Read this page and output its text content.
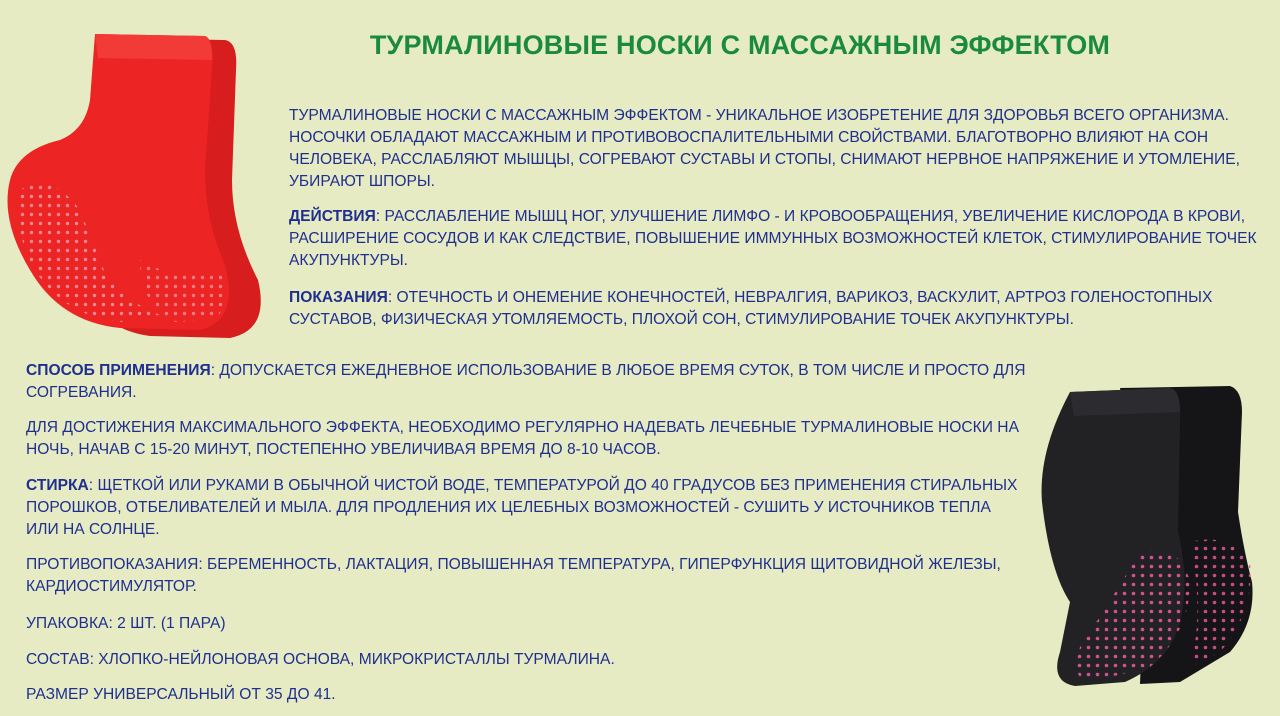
ТУРМАЛИНОВЫЕ НОСКИ С МАССАЖНЫМ ЭФФЕКТОМ

ТУРМАЛИНОВЫЕ НОСКИ С МАССАЖНЫМ ЭФФЕКТОМ - УНИКАЛЬНОЕ ИЗОБРЕТЕНИЕ ДЛЯ ЗДОРОВЬЯ ВСЕГО ОРГАНИЗМА. НОСОЧКИ ОБЛАДАЮТ МАССАЖНЫМ И ПРОТИВОВОСПАЛИТЕЛЬНЫМИ СВОЙСТВАМИ. БЛАГОТВОРНО ВЛИЯЮТ НА СОН ЧЕЛОВЕКА, РАССЛАБЛЯЮТ МЫШЦЫ, СОГРЕВАЮТ СУСТАВЫ И СТОПЫ, СНИМАЮТ НЕРВНОЕ НАПРЯЖЕНИЕ И УТОМЛЕНИЕ, УБИРАЮТ ШПОРЫ.

ДЕЙСТВИЯ: РАССЛАБЛЕНИЕ МЫШЦ НОГ, УЛУЧШЕНИЕ ЛИМФО - И КРОВООБРАЩЕНИЯ, УВЕЛИЧЕНИЕ КИСЛОРОДА В КРОВИ, РАСШИРЕНИЕ СОСУДОВ И КАК СЛЕДСТВИЕ, ПОВЫШЕНИЕ ИММУННЫХ ВОЗМОЖНОСТЕЙ КЛЕТОК, СТИМУЛИРОВАНИЕ ТОЧЕК АКУПУНКТУРЫ.

ПОКАЗАНИЯ: ОТЕЧНОСТЬ И ОНЕМЕНИЕ КОНЕЧНОСТЕЙ, НЕВРАЛГИЯ, ВАРИКОЗ, ВАСКУЛИТ, АРТРОЗ ГОЛЕНОСТОПНЫХ СУСТАВОВ, ФИЗИЧЕСКАЯ УТОМЛЯЕМОСТЬ, ПЛОХОЙ СОН, СТИМУЛИРОВАНИЕ ТОЧЕК АКУПУНКТУРЫ.

СПОСОБ ПРИМЕНЕНИЯ: ДОПУСКАЕТСЯ ЕЖЕДНЕВНОЕ ИСПОЛЬЗОВАНИЕ В ЛЮБОЕ ВРЕМЯ СУТОК, В ТОМ ЧИСЛЕ И ПРОСТО ДЛЯ СОГРЕВАНИЯ.

ДЛЯ ДОСТИЖЕНИЯ МАКСИМАЛЬНОГО ЭФФЕКТА, НЕОБХОДИМО РЕГУЛЯРНО НАДЕВАТЬ ЛЕЧЕБНЫЕ ТУРМАЛИНОВЫЕ НОСКИ НА НОЧЬ, НАЧАВ С 15-20 МИНУТ, ПОСТЕПЕННО УВЕЛИЧИВАЯ ВРЕМЯ ДО 8-10 ЧАСОВ.

СТИРКА: ЩЕТКОЙ ИЛИ РУКАМИ В ОБЫЧНОЙ ЧИСТОЙ ВОДЕ, ТЕМПЕРАТУРОЙ ДО 40 ГРАДУСОВ БЕЗ ПРИМЕНЕНИЯ СТИРАЛЬНЫХ ПОРОШКОВ, ОТБЕЛИВАТЕЛЕЙ И МЫЛА. ДЛЯ ПРОДЛЕНИЯ ИХ ЦЕЛЕБНЫХ ВОЗМОЖНОСТЕЙ - СУШИТЬ У ИСТОЧНИКОВ ТЕПЛА ИЛИ НА СОЛНЦЕ.

ПРОТИВОПОКАЗАНИЯ: БЕРЕМЕННОСТЬ, ЛАКТАЦИЯ, ПОВЫШЕННАЯ ТЕМПЕРАТУРА, ГИПЕРФУНКЦИЯ ЩИТОВИДНОЙ ЖЕЛЕЗЫ, КАРДИОСТИМУЛЯТОР.

УПАКОВКА: 2 ШТ. (1 ПАРА)

СОСТАВ: ХЛОПКО-НЕЙЛОНОВАЯ ОСНОВА, МИКРОКРИСТАЛЛЫ ТУРМАЛИНА.

РАЗМЕР УНИВЕРСАЛЬНЫЙ ОТ 35 ДО 41.
